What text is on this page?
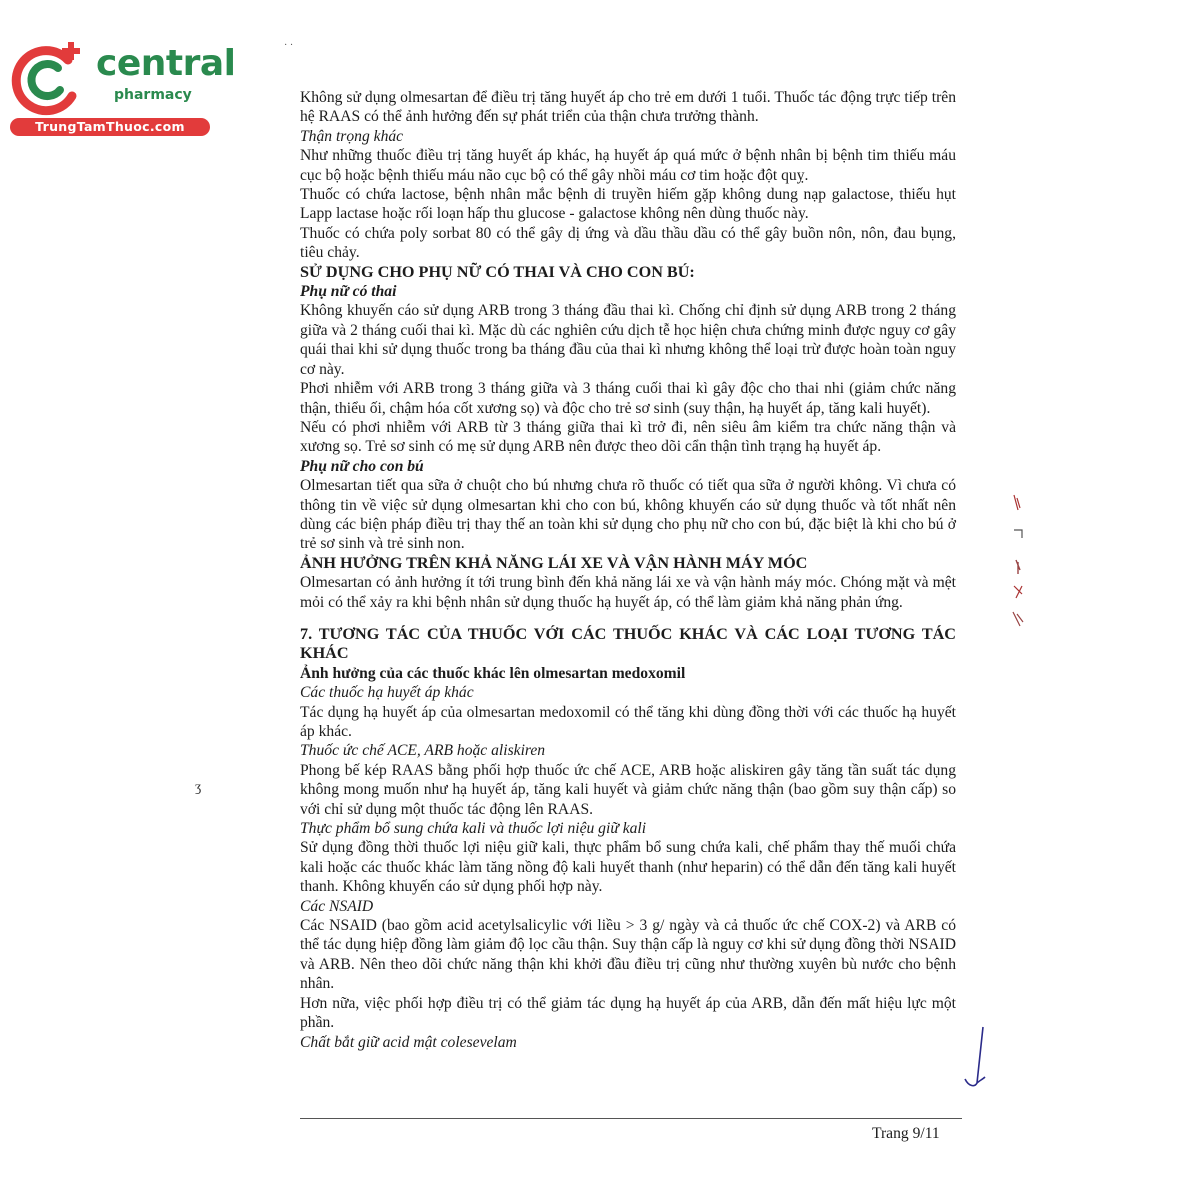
central
pharmacy
TrungTamThuoc.com
· ·
ʒ

Không sử dụng olmesartan để điều trị tăng huyết áp cho trẻ em dưới 1 tuổi. Thuốc tác động trực tiếp trên hệ RAAS có thể ảnh hưởng đến sự phát triển của thận chưa trưởng thành.

Thận trọng khác

Như những thuốc điều trị tăng huyết áp khác, hạ huyết áp quá mức ở bệnh nhân bị bệnh tim thiếu máu cục bộ hoặc bệnh thiếu máu não cục bộ có thể gây nhồi máu cơ tim hoặc đột quỵ.

Thuốc có chứa lactose, bệnh nhân mắc bệnh di truyền hiếm gặp không dung nạp galactose, thiếu hụt Lapp lactase hoặc rối loạn hấp thu glucose - galactose không nên dùng thuốc này.

Thuốc có chứa poly sorbat 80 có thể gây dị ứng và dầu thầu dầu có thể gây buồn nôn, nôn, đau bụng, tiêu chảy.

SỬ DỤNG CHO PHỤ NỮ CÓ THAI VÀ CHO CON BÚ:

Phụ nữ có thai

Không khuyến cáo sử dụng ARB trong 3 tháng đầu thai kì. Chống chỉ định sử dụng ARB trong 2 tháng giữa và 2 tháng cuối thai kì. Mặc dù các nghiên cứu dịch tễ học hiện chưa chứng minh được nguy cơ gây quái thai khi sử dụng thuốc trong ba tháng đầu của thai kì nhưng không thể loại trừ được hoàn toàn nguy cơ này.

Phơi nhiễm với ARB trong 3 tháng giữa và 3 tháng cuối thai kì gây độc cho thai nhi (giảm chức năng thận, thiểu ối, chậm hóa cốt xương sọ) và độc cho trẻ sơ sinh (suy thận, hạ huyết áp, tăng kali huyết).

Nếu có phơi nhiễm với ARB từ 3 tháng giữa thai kì trở đi, nên siêu âm kiểm tra chức năng thận và xương sọ. Trẻ sơ sinh có mẹ sử dụng ARB nên được theo dõi cẩn thận tình trạng hạ huyết áp.

Phụ nữ cho con bú

Olmesartan tiết qua sữa ở chuột cho bú nhưng chưa rõ thuốc có tiết qua sữa ở người không. Vì chưa có thông tin về việc sử dụng olmesartan khi cho con bú, không khuyến cáo sử dụng thuốc và tốt nhất nên dùng các biện pháp điều trị thay thế an toàn khi sử dụng cho phụ nữ cho con bú, đặc biệt là khi cho bú ở trẻ sơ sinh và trẻ sinh non.

ẢNH HƯỞNG TRÊN KHẢ NĂNG LÁI XE VÀ VẬN HÀNH MÁY MÓC

Olmesartan có ảnh hưởng ít tới trung bình đến khả năng lái xe và vận hành máy móc. Chóng mặt và mệt mỏi có thể xảy ra khi bệnh nhân sử dụng thuốc hạ huyết áp, có thể làm giảm khả năng phản ứng.

7. TƯƠNG TÁC CỦA THUỐC VỚI CÁC THUỐC KHÁC VÀ CÁC LOẠI TƯƠNG TÁC KHÁC

Ảnh hưởng của các thuốc khác lên olmesartan medoxomil

Các thuốc hạ huyết áp khác

Tác dụng hạ huyết áp của olmesartan medoxomil có thể tăng khi dùng đồng thời với các thuốc hạ huyết áp khác.

Thuốc ức chế ACE, ARB hoặc aliskiren

Phong bế kép RAAS bằng phối hợp thuốc ức chế ACE, ARB hoặc aliskiren gây tăng tần suất tác dụng không mong muốn như hạ huyết áp, tăng kali huyết và giảm chức năng thận (bao gồm suy thận cấp) so với chỉ sử dụng một thuốc tác động lên RAAS.

Thực phẩm bổ sung chứa kali và thuốc lợi niệu giữ kali

Sử dụng đồng thời thuốc lợi niệu giữ kali, thực phẩm bổ sung chứa kali, chế phẩm thay thế muối chứa kali hoặc các thuốc khác làm tăng nồng độ kali huyết thanh (như heparin) có thể dẫn đến tăng kali huyết thanh. Không khuyến cáo sử dụng phối hợp này.

Các NSAID

Các NSAID (bao gồm acid acetylsalicylic với liều > 3 g/ ngày và cả thuốc ức chế COX-2) và ARB có thể tác dụng hiệp đồng làm giảm độ lọc cầu thận. Suy thận cấp là nguy cơ khi sử dụng đồng thời NSAID và ARB. Nên theo dõi chức năng thận khi khởi đầu điều trị cũng như thường xuyên bù nước cho bệnh nhân.

Hơn nữa, việc phối hợp điều trị có thể giảm tác dụng hạ huyết áp của ARB, dẫn đến mất hiệu lực một phần.

Chất bắt giữ acid mật colesevelam

Trang 9/11
